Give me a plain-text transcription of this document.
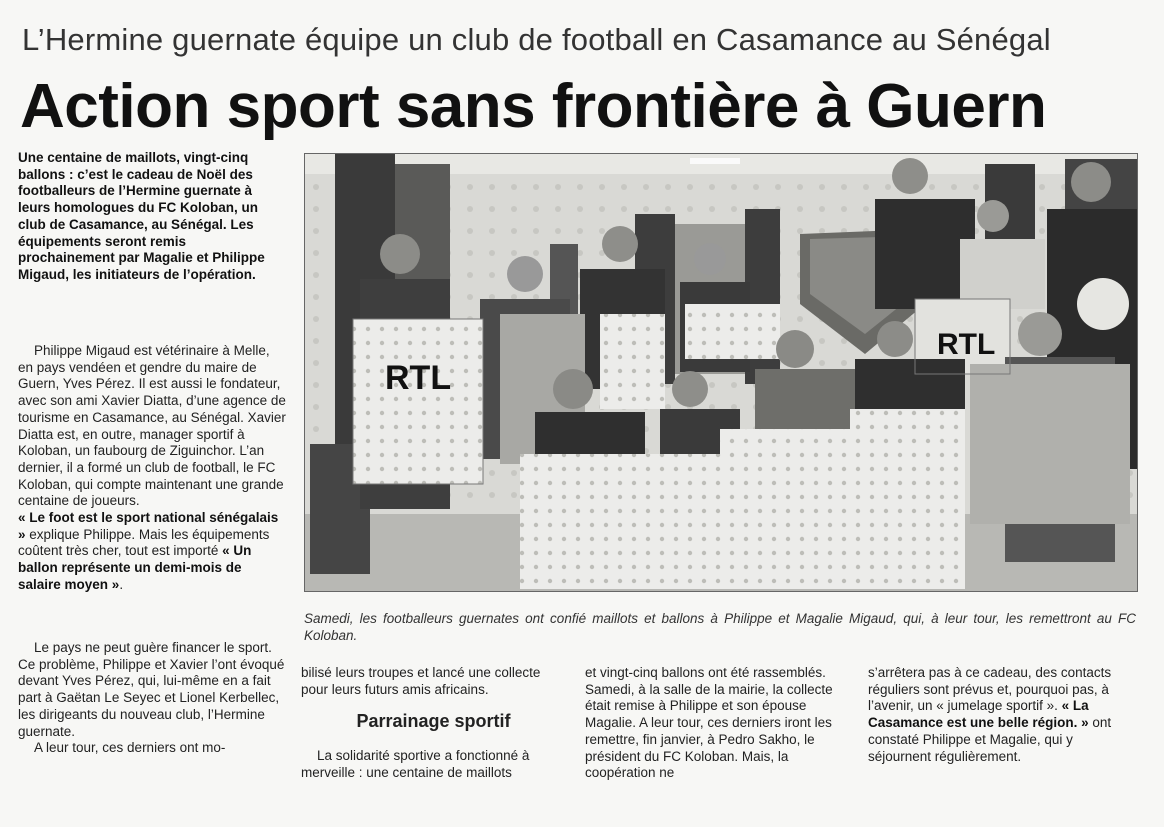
L’Hermine guernate équipe un club de football en Casamance au Sénégal
Action sport sans frontière à Guern

Une centaine de maillots, vingt-cinq ballons : c’est le cadeau de Noël des footballeurs de l’Hermine guernate à leurs homologues du FC Koloban, un club de Casamance, au Sénégal. Les équipements seront remis prochainement par Magalie et Philippe Migaud, les initiateurs de l’opération.

Philippe Migaud est vétérinaire à Melle, en pays vendéen et gendre du maire de Guern, Yves Pérez. Il est aussi le fondateur, avec son ami Xavier Diatta, d’une agence de tourisme en Casamance, au Sénégal. Xavier Diatta est, en outre, manager sportif à Koloban, un faubourg de Ziguinchor. L’an dernier, il a formé un club de football, le FC Koloban, qui compte maintenant une grande centaine de joueurs.

« Le foot est le sport national sénégalais » explique Philippe. Mais les équipements coûtent très cher, tout est importé « Un ballon représente un demi-mois de salaire moyen ».

Le pays ne peut guère financer le sport. Ce problème, Philippe et Xavier l’ont évoqué devant Yves Pérez, qui, lui-même en a fait part à Gaëtan Le Seyec et Lionel Kerbellec, les dirigeants du nouveau club, l’Hermine guernate.

A leur tour, ces derniers ont mo-

RTL
RTL
Samedi, les footballeurs guernates ont confié maillots et ballons à Philippe et Magalie Migaud, qui, à leur tour, les remettront au FC Koloban.

bilisé leurs troupes et lancé une collecte pour leurs futurs amis africains.

Parrainage sportif

La solidarité sportive a fonctionné à merveille : une centaine de maillots

et vingt-cinq ballons ont été rassemblés. Samedi, à la salle de la mairie, la collecte était remise à Philippe et son épouse Magalie. A leur tour, ces derniers iront les remettre, fin janvier, à Pedro Sakho, le président du FC Koloban. Mais, la coopération ne

s’arrêtera pas à ce cadeau, des contacts réguliers sont prévus et, pourquoi pas, à l’avenir, un « jumelage sportif ». « La Casamance est une belle région. » ont constaté Philippe et Magalie, qui y séjournent régulièrement.
